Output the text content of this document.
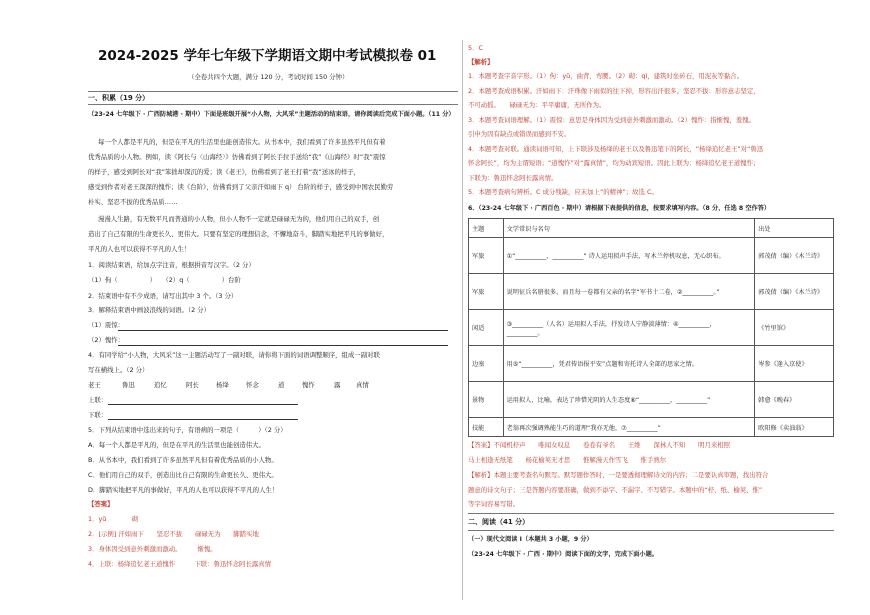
2024-2025 学年七年级下学期语文期中考试模拟卷 01
（全卷共四个大题，满分 120 分，考试时间 150 分钟）
一、积累（19 分）
（23-24 七年级下 · 广西防城港 · 期中）下面是班级开展“小人物，大风采”主题活动的结束语，请你阅读后完成下面小题。（11 分）
每一个人都是平凡的，但是在平凡的生活里也能创造伟大。从书本中，我们看到了许多虽然平凡但有着
优秀品质的小人物。例如，读《阿长与〈山海经〉》仿佛看到了阿长手拉手送给“我”《山海经》时“我”震惊
的样子，感受到阿长对“我”笨拙却深沉的爱；读《老王》，仿佛看到了老王打着“我”送冰的样子，
感受到作者对老王深深的愧怍；读《台阶》，仿佛看到了父亲汗如雨下 q） 台阶的样子，感受到中国农民勤劳
朴实、坚忍不拔的优秀品质……
漫漫人生路，有无数平凡而普通的小人物，但小人物不一定就是碌碌无为的，他们用自己的双手，创
造出了自己有限的生命更长久、更伟大。只要有坚定的理想信念，不懈地奋斗，脚踏实地把平凡的事做好，
平凡的人也可以获得不平凡的人生！
1．阅读结束语，给加点字注音，根据拼音写汉字。（2 分）
（1）佝（　　　　　）　　（2）q（　　　　　）台阶
2．结束语中有不少成语，请写出其中 3 个。（3 分）
3．解释结束语中画波浪线的词语。（2 分）
（1）震惊：
（2）愧怍：
4．有同学给“小人物，大风采”这一主题活动写了一副对联，请你将下面的词语调整顺序，组成一副对联
写在横线上。（2 分）
老王	鲁迅	追忆	阿长	杨绛	怀念	道	愧怍	露 真情
上联：
下联：
5．下列从结束语中选出来的句子，有语病的一项是（　　　）（2 分）
A．每一个人都是平凡的，但是在平凡的生活里也能创造伟大。
B．从书本中，我们看到了许多虽然平凡但有着优秀品质的小人物。
C．他们用自己的双手，创造出比自己有限的生命更长久、更伟大。
D．脚踏实地把平凡的事做好，平凡的人也可以获得不平凡的人生！
【答案】
1．yǔ　　　　砌
2．[示例] 汗如雨下　　坚忍不拔　　碌碌无为　　脚踏实地
3．身体因受到意外刺激而激动。　　　惭愧。
4．上联：杨绛追忆老王道愧怍　　　下联：鲁迅怀念阿长露真情
5．C
【解析】
1．本题考查字音字形。（1）佝：yǔ，曲背，弯腰。（2）砌：qì，建筑时垒砖石，用泥灰等黏合。
2．本题考查成语积累。汗如雨下：汗珠像下雨似的往下掉，形容出汗很多。坚忍不拔：形容意志坚定，
不可动摇。　　碌碌无为：平平庸庸，无所作为。
3．本题考查词语理解。（1）震惊：意思是身体因为受到意外刺激而激动。（2）愧怍：指惭愧，羞愧。
引申为因有缺点或错误而感到不安。
4．本题考查对联。通读词语可知，上下联涉及杨绛的老王以及鲁迅笔下的阿长，“杨绛追忆老王”对“鲁迅
怀念阿长”，均为主谓短语；“道愧怍”对“露真情”，均为动宾短语。因此上联为：杨绛追忆老王道愧怍；
下联为：鲁迅怀念阿长露真情。
5．本题考查病句辨析。C 成分残缺，应末加上“的精神”；故选 C。
6．（23-24 七年级下 · 广西百色 · 期中）请根据下表提供的信息，按要求填写内容。（8 分，任选 8 空作答）
主题	文学常识与名句	出处
军旅	①“__________，__________” 诗人运用拟声手法，写木兰停机叹息，无心织布。	郭茂倩（编）《木兰诗》
军旅	说明征兵名册很多，而且每一卷都有父亲的名字“军书十二卷，②__________。”	郭茂倩（编）《木兰诗》
闲适	③__________（人名）运用拟人手法，抒发诗人宁静淡薄情：④__________，__________。	《竹里馆》
边塞	用⑤“__________，凭君传语报平安”点题和寄托诗人全部的思家之情。	岑参《逢入京使》
景物	运用拟人、比喻，表达了珍惜光阴的人生态度⑥“__________，__________”	韩愈《晚春》
技能	老翁再次强调熟能生巧的道理“我亦无他，⑦__________”	欧阳修《卖油翁》
【答案】不闻机杼声　　唯闻女叹息　　卷卷有爷名　　王维　　深林人不知　　明月来相照
马上相逢无纸笔　　杨花榆荚无才思　　惟解漫天作雪飞　　惟手熟尔
【解析】本题主要考查名句默写。默写题作答时，一是要透彻理解诗文的内容；二是要认真审题，找出符合
题意的诗文句子；三是答题内容要准确，做到不添字、不漏字、不写错字。本题中的“杼、纸、榆荚、惟”
等字词容易写错。
二、阅读（41 分）
（一）现代文阅读 I（本题共 3 小题，9 分）
（23-24 七年级下 · 广西 · 期中）阅读下面的文字，完成下面小题。
